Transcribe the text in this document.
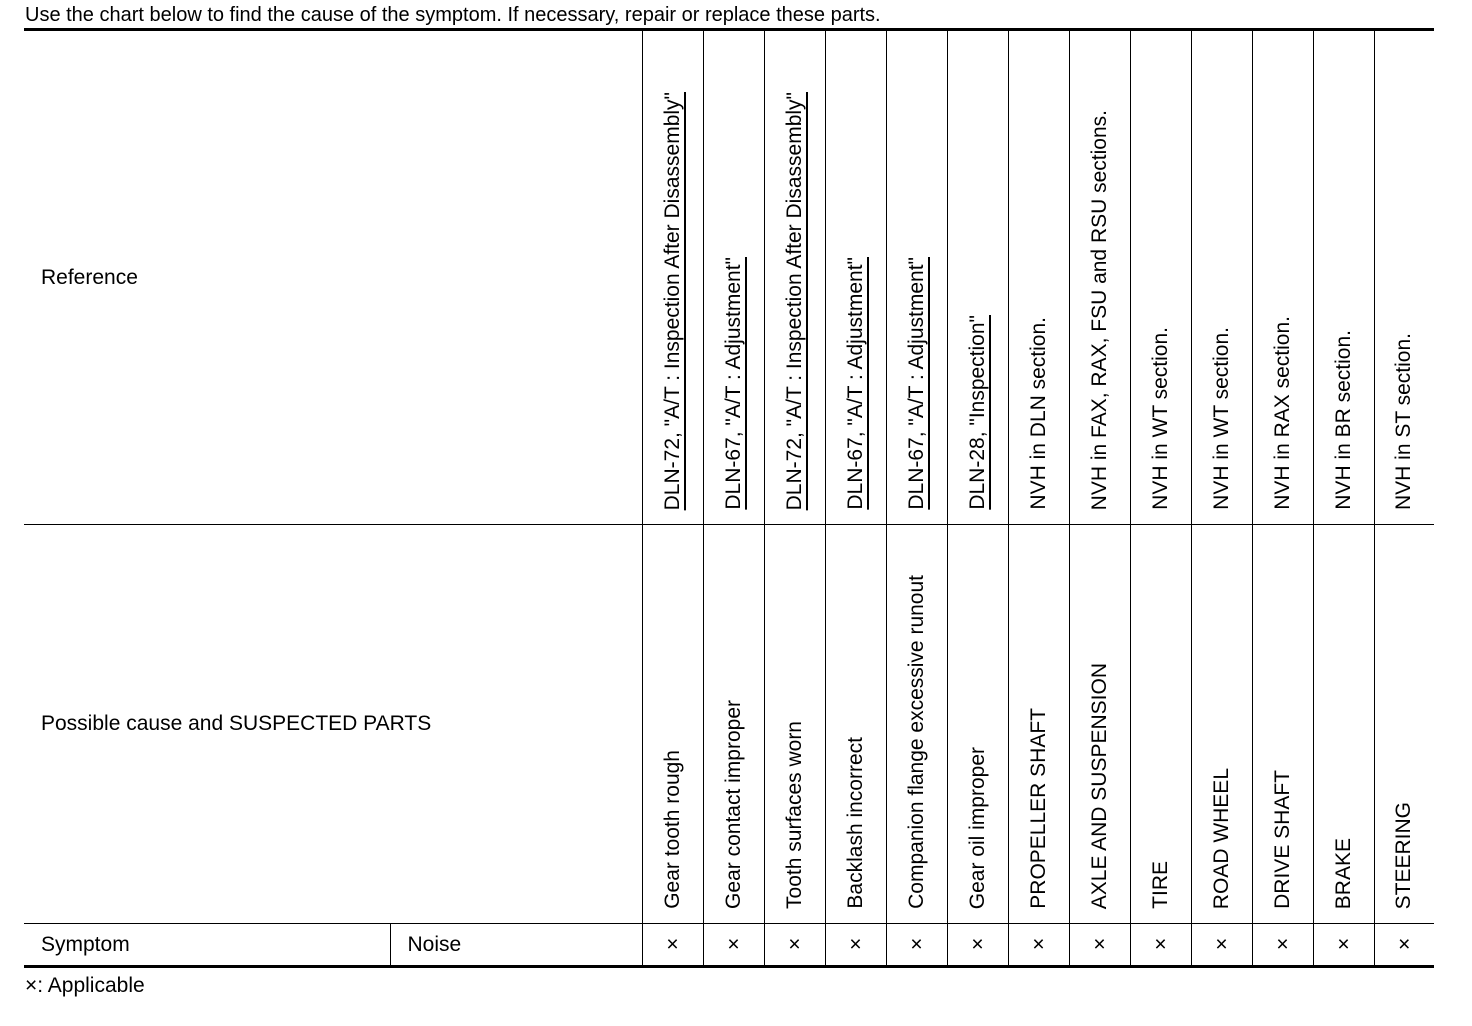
Use the chart below to find the cause of the symptom. If necessary, repair or replace these parts.
Reference		DLN-72, "A/T : Inspection After Disassembly"	DLN-67, "A/T : Adjustment"	DLN-72, "A/T : Inspection After Disassembly"	DLN-67, "A/T : Adjustment"	DLN-67, "A/T : Adjustment"	DLN-28, "Inspection"	NVH in DLN section.	NVH in FAX, RAX, FSU and RSU sections.	NVH in WT section.	NVH in WT section.	NVH in RAX section.	NVH in BR section.	NVH in ST section.

Possible cause and SUSPECTED PARTS		Gear tooth rough	Gear contact improper	Tooth surfaces worn	Backlash incorrect	Companion flange excessive runout	Gear oil improper	PROPELLER SHAFT	AXLE AND SUSPENSION	TIRE	ROAD WHEEL	DRIVE SHAFT	BRAKE	STEERING

Symptom	Noise	×	×	×	×	×	×	×	×	×	×	×	×	×
×: Applicable
